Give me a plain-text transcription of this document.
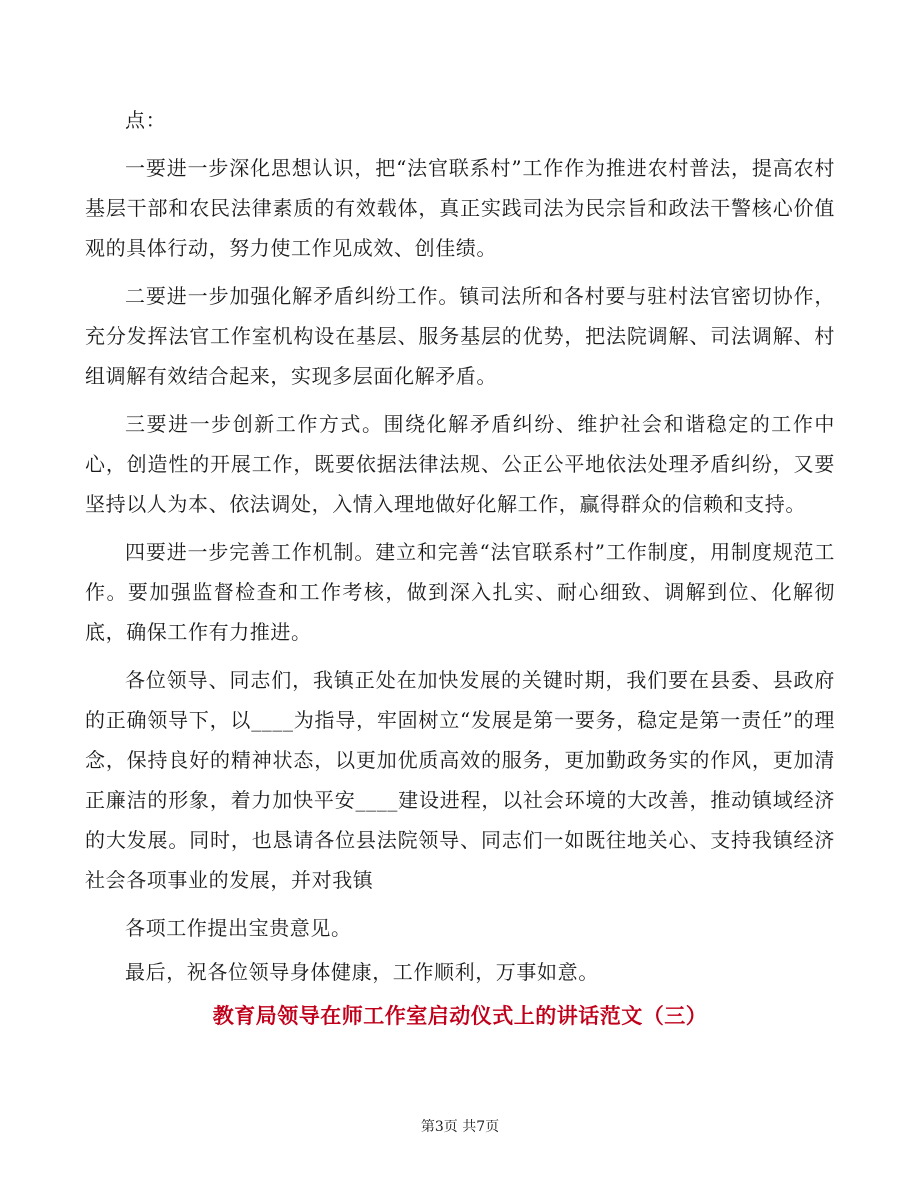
点：

一要进一步深化思想认识，把“法官联系村”工作作为推进农村普法，提高农村基层干部和农民法律素质的有效载体，真正实践司法为民宗旨和政法干警核心价值观的具体行动，努力使工作见成效、创佳绩。

二要进一步加强化解矛盾纠纷工作。镇司法所和各村要与驻村法官密切协作，充分发挥法官工作室机构设在基层、服务基层的优势，把法院调解、司法调解、村组调解有效结合起来，实现多层面化解矛盾。

三要进一步创新工作方式。围绕化解矛盾纠纷、维护社会和谐稳定的工作中心，创造性的开展工作，既要依据法律法规、公正公平地依法处理矛盾纠纷，又要坚持以人为本、依法调处，入情入理地做好化解工作，赢得群众的信赖和支持。

四要进一步完善工作机制。建立和完善“法官联系村”工作制度，用制度规范工作。要加强监督检查和工作考核，做到深入扎实、耐心细致、调解到位、化解彻底，确保工作有力推进。

各位领导、同志们，我镇正处在加快发展的关键时期，我们要在县委、县政府的正确领导下，以____为指导，牢固树立“发展是第一要务，稳定是第一责任”的理念，保持良好的精神状态，以更加优质高效的服务，更加勤政务实的作风，更加清正廉洁的形象，着力加快平安____建设进程，以社会环境的大改善，推动镇域经济的大发展。同时，也恳请各位县法院领导、同志们一如既往地关心、支持我镇经济社会各项事业的发展，并对我镇

各项工作提出宝贵意见。

最后，祝各位领导身体健康，工作顺利，万事如意。

教育局领导在师工作室启动仪式上的讲话范文（三）
第3页 共7页
